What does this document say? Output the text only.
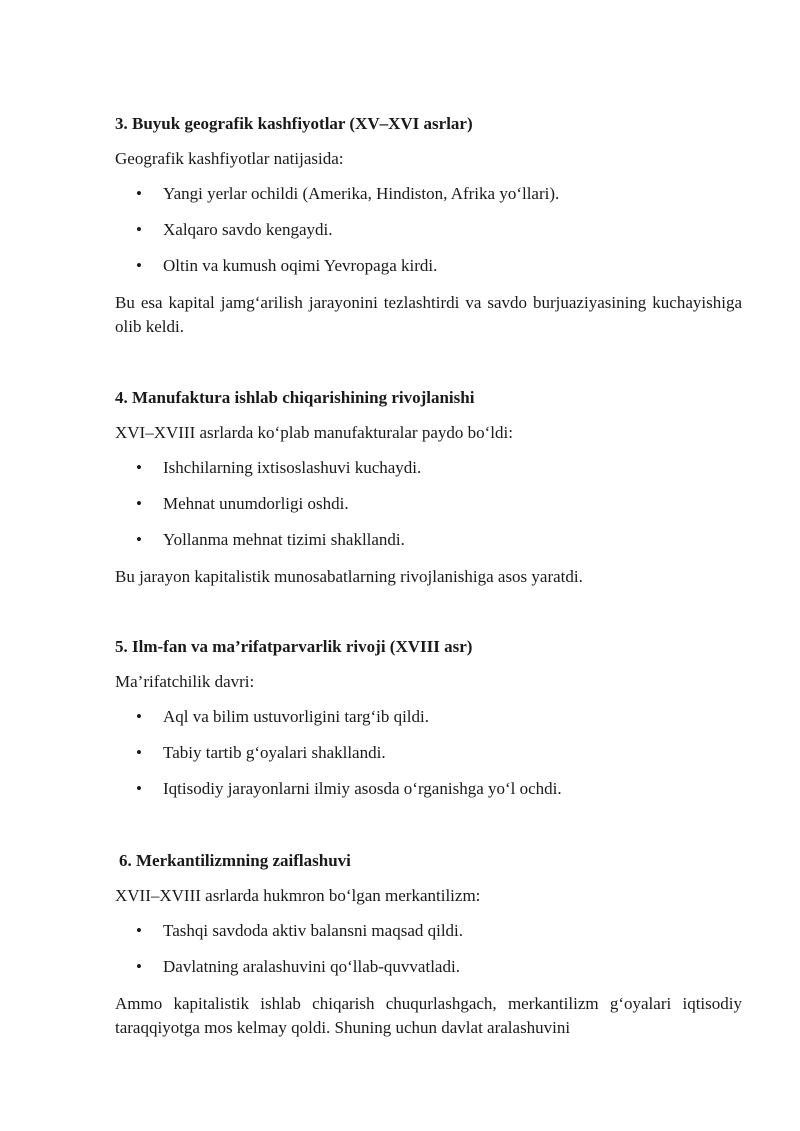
3. Buyuk geografik kashfiyotlar (XV–XVI asrlar)
Geografik kashfiyotlar natijasida:
• Yangi yerlar ochildi (Amerika, Hindiston, Afrika yoʻllari).
• Xalqaro savdo kengaydi.
• Oltin va kumush oqimi Yevropaga kirdi.

Bu esa kapital jamgʻarilish jarayonini tezlashtirdi va savdo burjuaziyasining kuchayishiga olib keldi.

4. Manufaktura ishlab chiqarishining rivojlanishi
XVI–XVIII asrlarda koʻplab manufakturalar paydo boʻldi:
• Ishchilarning ixtisoslashuvi kuchaydi.
• Mehnat unumdorligi oshdi.
• Yollanma mehnat tizimi shakllandi.

Bu jarayon kapitalistik munosabatlarning rivojlanishiga asos yaratdi.

5. Ilm-fan va ma’rifatparvarlik rivoji (XVIII asr)
Ma’rifatchilik davri:
• Aql va bilim ustuvorligini targʻib qildi.
• Tabiy tartib gʻoyalari shakllandi.
• Iqtisodiy jarayonlarni ilmiy asosda oʻrganishga yoʻl ochdi.
6. Merkantilizmning zaiflashuvi
XVII–XVIII asrlarda hukmron boʻlgan merkantilizm:
• Tashqi savdoda aktiv balansni maqsad qildi.
• Davlatning aralashuvini qoʻllab-quvvatladi.

Ammo kapitalistik ishlab chiqarish chuqurlashgach, merkantilizm gʻoyalari iqtisodiy taraqqiyotga mos kelmay qoldi. Shuning uchun davlat aralashuvini
